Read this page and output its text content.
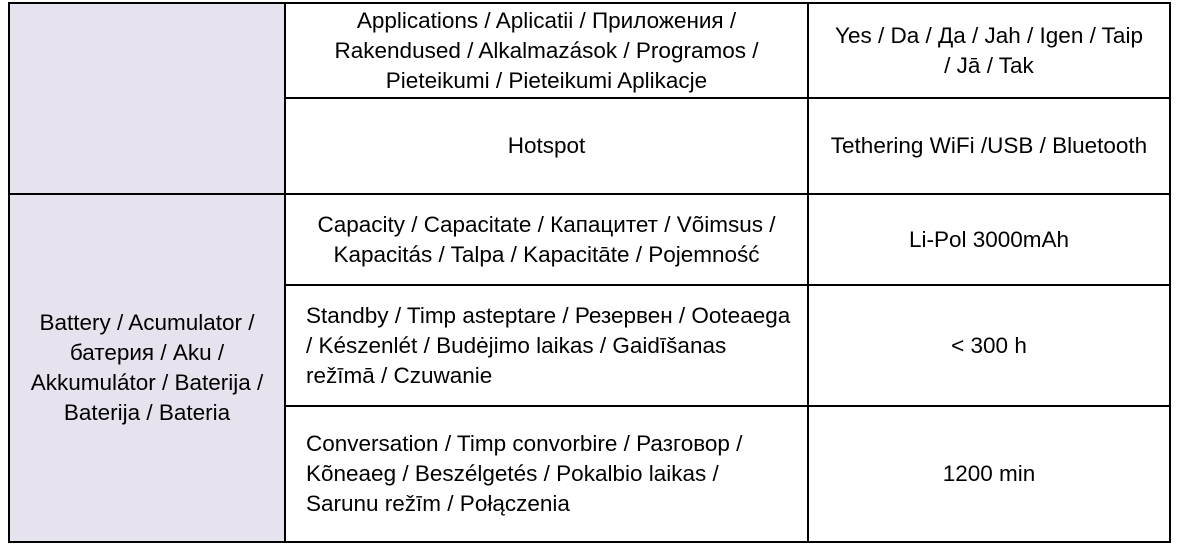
	Applications / Aplicatii / Приложения / Rakendused / Alkalmazások / Programos / Pieteikumi / Pieteikumi Aplikacje	Yes / Da / Да / Jah / Igen / Taip / Jā / Tak

	Hotspot	Tethering WiFi /USB / Bluetooth

Battery / Acumulator / батерия / Aku / Akkumulátor / Baterija / Baterija / Bateria	Capacity / Capacitate / Капацитет / Võimsus / Kapacitás / Talpa / Kapacitāte / Pojemność	Li-Pol 3000mAh

	Standby / Timp asteptare / Резервен / Ooteaega / Készenlét / Budėjimo laikas / Gaidīšanas režīmā / Czuwanie	< 300 h

	Conversation / Timp convorbire / Разговор / Kõneaeg / Beszélgetés / Pokalbio laikas / Sarunu režīm / Połączenia	1200 min
